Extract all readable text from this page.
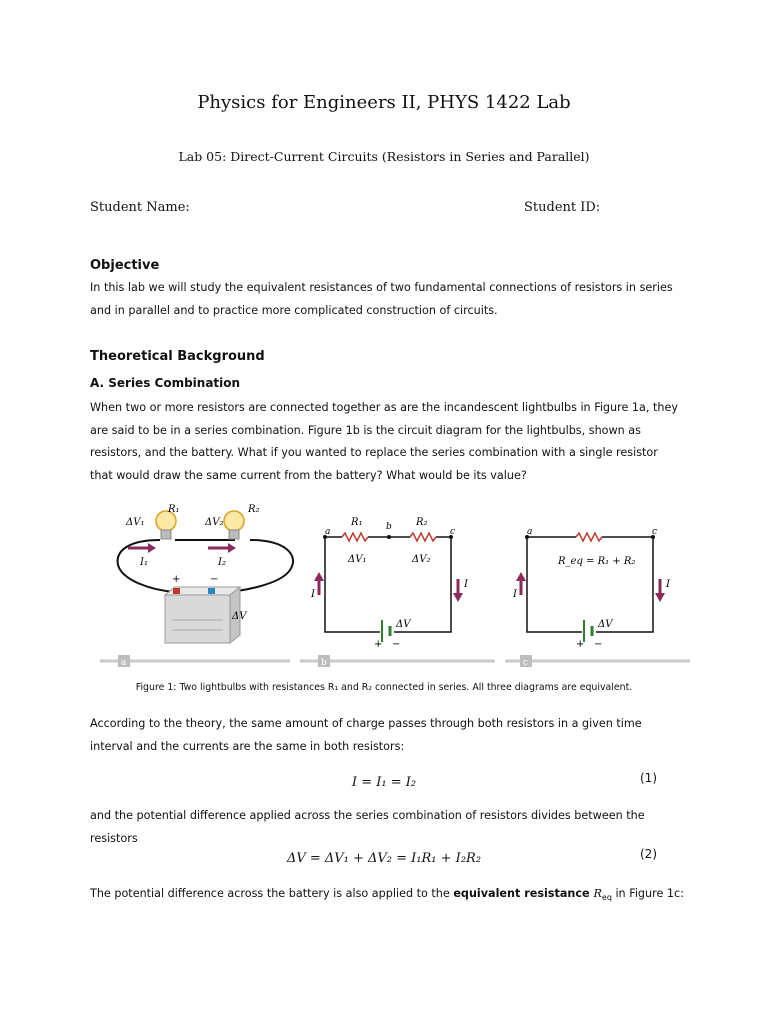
Physics for Engineers II, PHYS 1422 Lab
Lab 05: Direct-Current Circuits (Resistors in Series and Parallel)
Student Name:	Student ID:
Objective
In this lab we will study the equivalent resistances of two fundamental connections of resistors in series and in parallel and to practice more complicated construction of circuits.
Theoretical Background
A. Series Combination
When two or more resistors are connected together as are the incandescent lightbulbs in Figure 1a, they are said to be in a series combination. Figure 1b is the circuit diagram for the lightbulbs, shown as resistors, and the battery. What if you wanted to replace the series combination with a single resistor that would draw the same current from the battery? What would be its value?
ΔV₁
R₁
ΔV₂
R₂
I₁	I₂
+	−
ΔV
a
a	b	c
R₁	R₂
ΔV₁	ΔV₂
I
I
ΔV
+ −
b
a	c
R_eq = R₁ + R₂
I
I
ΔV
+ −
c
Figure 1: Two lightbulbs with resistances R₁ and R₂ connected in series. All three diagrams are equivalent.
According to the theory, the same amount of charge passes through both resistors in a given time interval and the currents are the same in both resistors:
I = I₁ = I₂	(1)
and the potential difference applied across the series combination of resistors divides between the resistors
ΔV = ΔV₁ + ΔV₂ = I₁R₁ + I₂R₂	(2)
The potential difference across the battery is also applied to the equivalent resistance $R_{eq}$ in Figure 1c:
